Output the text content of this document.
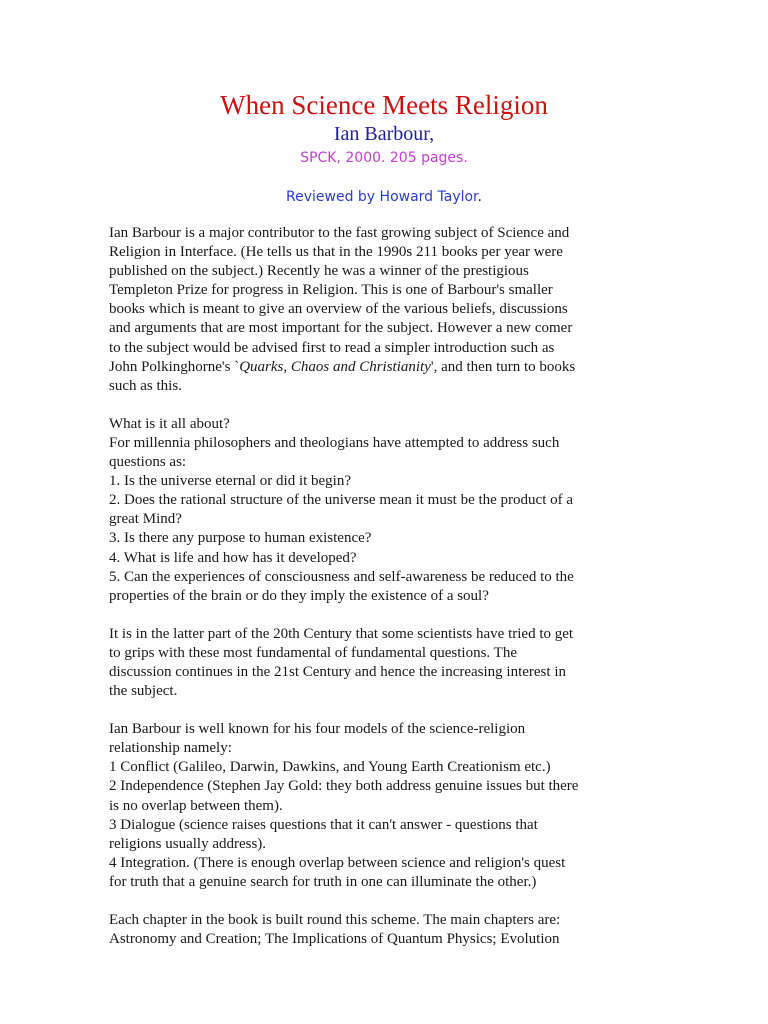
When Science Meets Religion
Ian Barbour,
SPCK, 2000. 205 pages.
Reviewed by Howard Taylor.
Ian Barbour is a major contributor to the fast growing subject of Science and
Religion in Interface. (He tells us that in the 1990s 211 books per year were
published on the subject.) Recently he was a winner of the prestigious
Templeton Prize for progress in Religion. This is one of Barbour's smaller
books which is meant to give an overview of the various beliefs, discussions
and arguments that are most important for the subject. However a new comer
to the subject would be advised first to read a simpler introduction such as
John Polkinghorne's `Quarks, Chaos and Christianity', and then turn to books
such as this.
What is it all about?
For millennia philosophers and theologians have attempted to address such
questions as:
1. Is the universe eternal or did it begin?
2. Does the rational structure of the universe mean it must be the product of a
great Mind?
3. Is there any purpose to human existence?
4. What is life and how has it developed?
5. Can the experiences of consciousness and self-awareness be reduced to the
properties of the brain or do they imply the existence of a soul?
It is in the latter part of the 20th Century that some scientists have tried to get
to grips with these most fundamental of fundamental questions. The
discussion continues in the 21st Century and hence the increasing interest in
the subject.
Ian Barbour is well known for his four models of the science-religion
relationship namely:
1 Conflict (Galileo, Darwin, Dawkins, and Young Earth Creationism etc.)
2 Independence (Stephen Jay Gold: they both address genuine issues but there
is no overlap between them).
3 Dialogue (science raises questions that it can't answer - questions that
religions usually address).
4 Integration. (There is enough overlap between science and religion's quest
for truth that a genuine search for truth in one can illuminate the other.)
Each chapter in the book is built round this scheme. The main chapters are:
Astronomy and Creation; The Implications of Quantum Physics; Evolution
